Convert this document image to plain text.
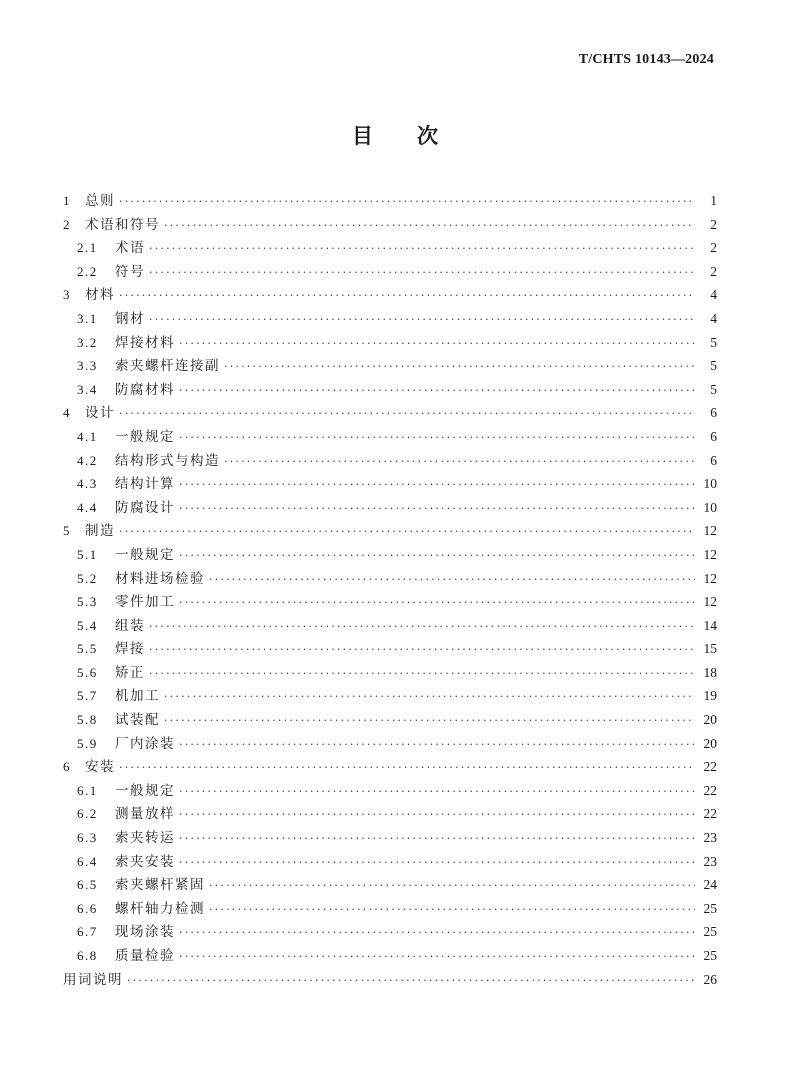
T/CHTS 10143—2024
目次
1	总则 ·····	1
2	术语和符号 ·····	2
2.1	术语 ·····	2
2.2	符号 ·····	2
3	材料 ·····	4
3.1	钢材 ·····	4
3.2	焊接材料 ·····	5
3.3	索夹螺杆连接副 ·····	5
3.4	防腐材料 ·····	5
4	设计 ·····	6
4.1	一般规定 ·····	6
4.2	结构形式与构造 ·····	6
4.3	结构计算 ·····	10
4.4	防腐设计 ·····	10
5	制造 ·····	12
5.1	一般规定 ·····	12
5.2	材料进场检验 ·····	12
5.3	零件加工 ·····	12
5.4	组装 ·····	14
5.5	焊接 ·····	15
5.6	矫正 ·····	18
5.7	机加工 ·····	19
5.8	试装配 ·····	20
5.9	厂内涂装 ·····	20
6	安装 ·····	22
6.1	一般规定 ·····	22
6.2	测量放样 ·····	22
6.3	索夹转运 ·····	23
6.4	索夹安装 ·····	23
6.5	索夹螺杆紧固 ·····	24
6.6	螺杆轴力检测 ·····	25
6.7	现场涂装 ·····	25
6.8	质量检验 ·····	25
用词说明 ·····	26
